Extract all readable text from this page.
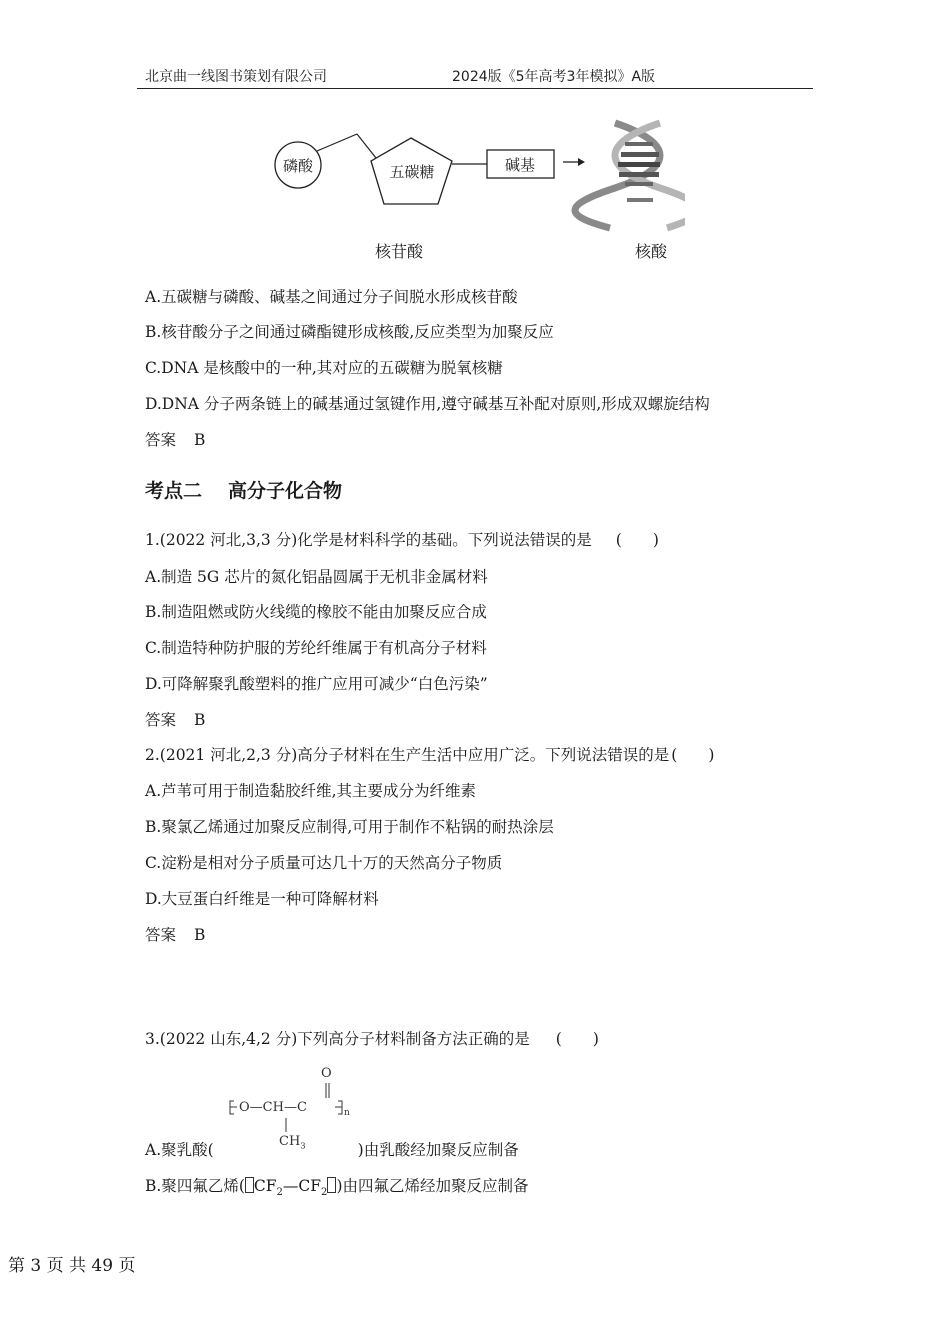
北京曲一线图书策划有限公司	2024版《5年高考3年模拟》A版
磷酸	五碳糖	碱基
核苷酸	核酸
A.五碳糖与磷酸、碱基之间通过分子间脱水形成核苷酸
B.核苷酸分子之间通过磷酯键形成核酸,反应类型为加聚反应
C.DNA 是核酸中的一种,其对应的五碳糖为脱氧核糖
D.DNA 分子两条链上的碱基通过氢键作用,遵守碱基互补配对原则,形成双螺旋结构
答案 B
考点二 高分子化合物
1.(2022 河北,3,3 分)化学是材料科学的基础。下列说法错误的是 (　　)
A.制造 5G 芯片的氮化铝晶圆属于无机非金属材料
B.制造阻燃或防火线缆的橡胶不能由加聚反应合成
C.制造特种防护服的芳纶纤维属于有机高分子材料
D.可降解聚乳酸塑料的推广应用可减少“白色污染”
答案 B
2.(2021 河北,2,3 分)高分子材料在生产生活中应用广泛。下列说法错误的是 (　　)
A.芦苇可用于制造黏胶纤维,其主要成分为纤维素
B.聚氯乙烯通过加聚反应制得,可用于制作不粘锅的耐热涂层
C.淀粉是相对分子质量可达几十万的天然高分子物质
D.大豆蛋白纤维是一种可降解材料
答案 B
3.(2022 山东,4,2 分)下列高分子材料制备方法正确的是 (　　)
O
O—CH—C	n
$CH_3$
A.聚乳酸(	)由乳酸经加聚反应制备
B.聚四氟乙烯( $CF_2—CF_2$ )由四氟乙烯经加聚反应制备
第 3 页 共 49 页
